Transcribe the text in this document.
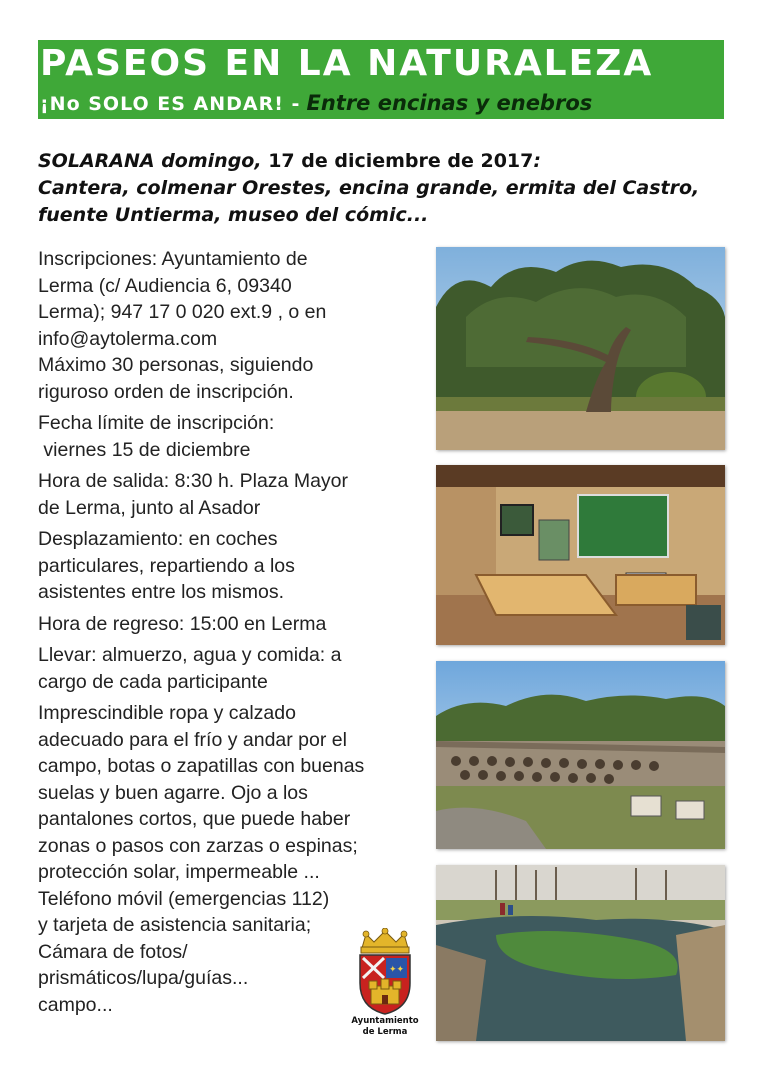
PASEOS EN LA NATURALEZA
¡No SOLO ES ANDAR! - Entre encinas y enebros
SOLARANA domingo, 17 de diciembre de 2017:
Cantera, colmenar Orestes, encina grande, ermita del Castro,
fuente Untierma, museo del cómic...

Inscripciones: Ayuntamiento de
Lerma (c/ Audiencia 6, 09340
Lerma); 947 17 0 020 ext.9 , o en
info@aytolerma.com
Máximo 30 personas, siguiendo
riguroso orden de inscripción.

Fecha límite de inscripción:
viernes 15 de diciembre

Hora de salida: 8:30 h. Plaza Mayor
de Lerma, junto al Asador

Desplazamiento: en coches
particulares, repartiendo a los
asistentes entre los mismos.

Hora de regreso: 15:00 en Lerma

Llevar: almuerzo, agua y comida: a
cargo de cada participante

Imprescindible ropa y calzado
adecuado para el frío y andar por el
campo, botas o zapatillas con buenas
suelas y buen agarre. Ojo a los
pantalones cortos, que puede haber
zonas o pasos con zarzas o espinas;
protección solar, impermeable ...
Teléfono móvil (emergencias 112)
y tarjeta de asistencia sanitaria;
Cámara de fotos/
prismáticos/lupa/guías...
campo...

✦✦
Ayuntamiento
de Lerma
